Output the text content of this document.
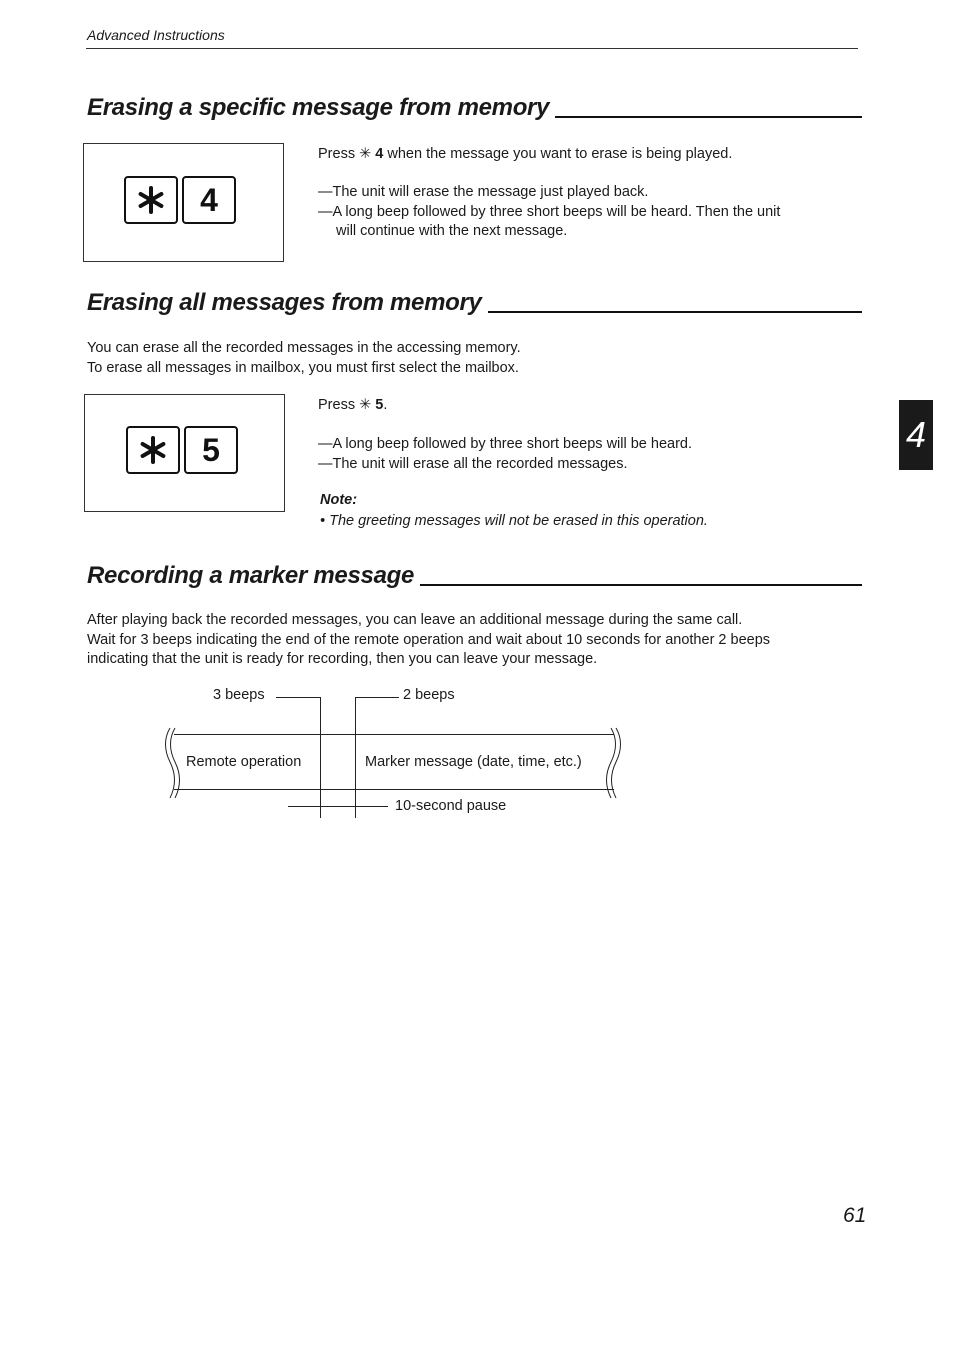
Advanced Instructions
Erasing a specific message from memory
4
Press ✳ 4 when the message you want to erase is being played.

—The unit will erase the message just played back.

—A long beep followed by three short beeps will be heard. Then the unit

will continue with the next message.

Erasing all messages from memory

You can erase all the recorded messages in the accessing memory.

To erase all messages in mailbox, you must first select the mailbox.

5
Press ✳ 5.

—A long beep followed by three short beeps will be heard.

—The unit will erase all the recorded messages.

Note:
• The greeting messages will not be erased in this operation.
4
Recording a marker message

After playing back the recorded messages, you can leave an additional message during the same call.

Wait for 3 beeps indicating the end of the remote operation and wait about 10 seconds for another 2 beeps

indicating that the unit is ready for recording, then you can leave your message.

3 beeps	2 beeps
Remote operation	Marker message (date, time, etc.)
10-second pause
61
